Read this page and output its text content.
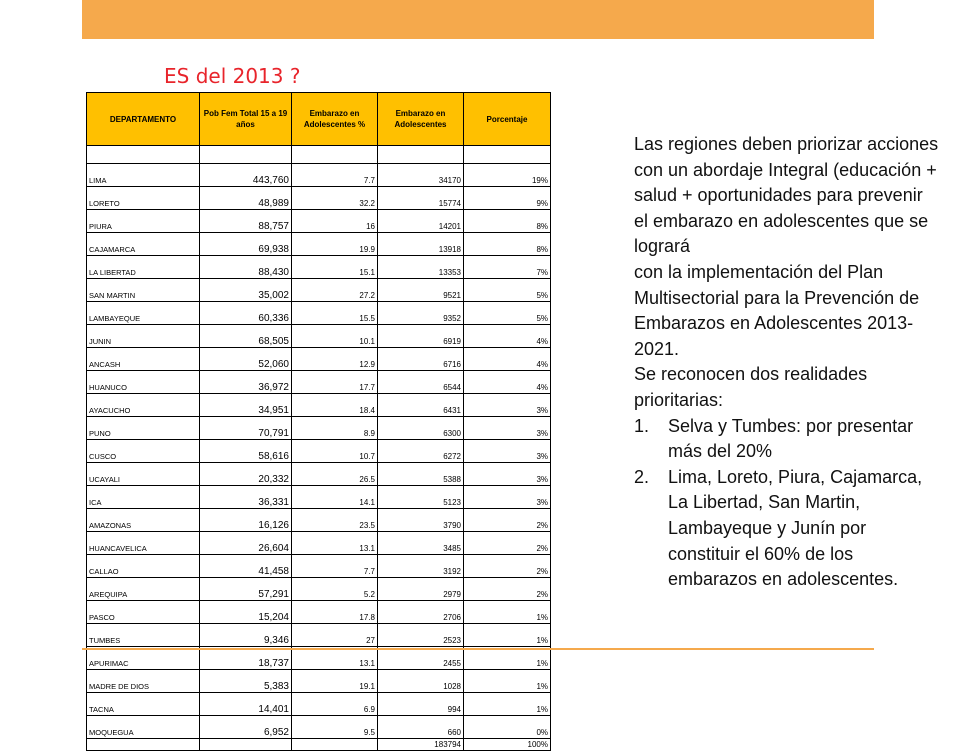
ES del 2013 ?
DEPARTAMENTO	Pob Fem Total 15 a 19 años	Embarazo en Adolescentes %	Embarazo en Adolescentes	Porcentaje

LIMA	443,760	7.7	34170	19%
LORETO	48,989	32.2	15774	9%
PIURA	88,757	16	14201	8%
CAJAMARCA	69,938	19.9	13918	8%
LA LIBERTAD	88,430	15.1	13353	7%
SAN MARTIN	35,002	27.2	9521	5%
LAMBAYEQUE	60,336	15.5	9352	5%
JUNIN	68,505	10.1	6919	4%
ANCASH	52,060	12.9	6716	4%
HUANUCO	36,972	17.7	6544	4%
AYACUCHO	34,951	18.4	6431	3%
PUNO	70,791	8.9	6300	3%
CUSCO	58,616	10.7	6272	3%
UCAYALI	20,332	26.5	5388	3%
ICA	36,331	14.1	5123	3%
AMAZONAS	16,126	23.5	3790	2%
HUANCAVELICA	26,604	13.1	3485	2%
CALLAO	41,458	7.7	3192	2%
AREQUIPA	57,291	5.2	2979	2%
PASCO	15,204	17.8	2706	1%
TUMBES	9,346	27	2523	1%
APURIMAC	18,737	13.1	2455	1%
MADRE DE DIOS	5,383	19.1	1028	1%
TACNA	14,401	6.9	994	1%
MOQUEGUA	6,952	9.5	660	0%
			183794	100%

Las regiones deben priorizar acciones con un abordaje Integral (educación + salud + oportunidades para prevenir el embarazo en adolescentes que se logrará

con la implementación del Plan Multisectorial para la Prevención de Embarazos en Adolescentes 2013-2021.

Se reconocen dos realidades prioritarias:

1. Selva y Tumbes: por presentar más del 20%
2. Lima, Loreto, Piura, Cajamarca, La Libertad, San Martin, Lambayeque y Junín por constituir el 60% de los embarazos en adolescentes.
